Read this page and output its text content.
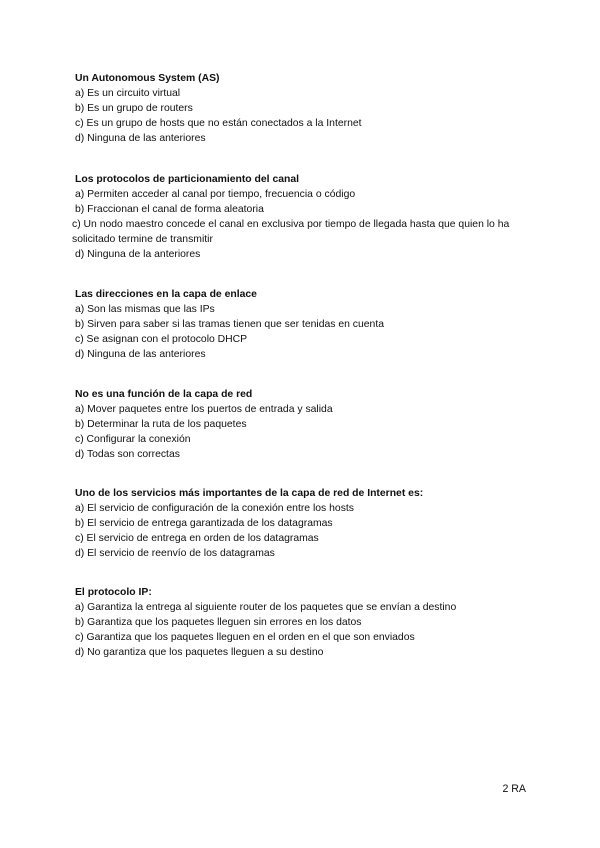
Un Autonomous System (AS)

a) Es un circuito virtual

b) Es un grupo de routers

c) Es un grupo de hosts que no están conectados a la Internet

d) Ninguna de las anteriores

Los protocolos de particionamiento del canal

a) Permiten acceder al canal por tiempo, frecuencia o código

b) Fraccionan el canal de forma aleatoria

c) Un nodo maestro concede el canal en exclusiva por tiempo de llegada hasta que quien lo ha solicitado termine de transmitir

d) Ninguna de la anteriores

Las direcciones en la capa de enlace

a) Son las mismas que las IPs

b) Sirven para saber si las tramas tienen que ser tenidas en cuenta

c) Se asignan con el protocolo DHCP

d) Ninguna de las anteriores

No es una función de la capa de red

a) Mover paquetes entre los puertos de entrada y salida

b) Determinar la ruta de los paquetes

c) Configurar la conexión

d) Todas son correctas

Uno de los servicios más importantes de la capa de red de Internet es:

a) El servicio de configuración de la conexión entre los hosts

b) El servicio de entrega garantizada de los datagramas

c) El servicio de entrega en orden de los datagramas

d) El servicio de reenvío de los datagramas

El protocolo IP:

a) Garantiza la entrega al siguiente router de los paquetes que se envían a destino

b) Garantiza que los paquetes lleguen sin errores en los datos

c) Garantiza que los paquetes lleguen en el orden en el que son enviados

d) No garantiza que los paquetes lleguen a su destino

2 RA
